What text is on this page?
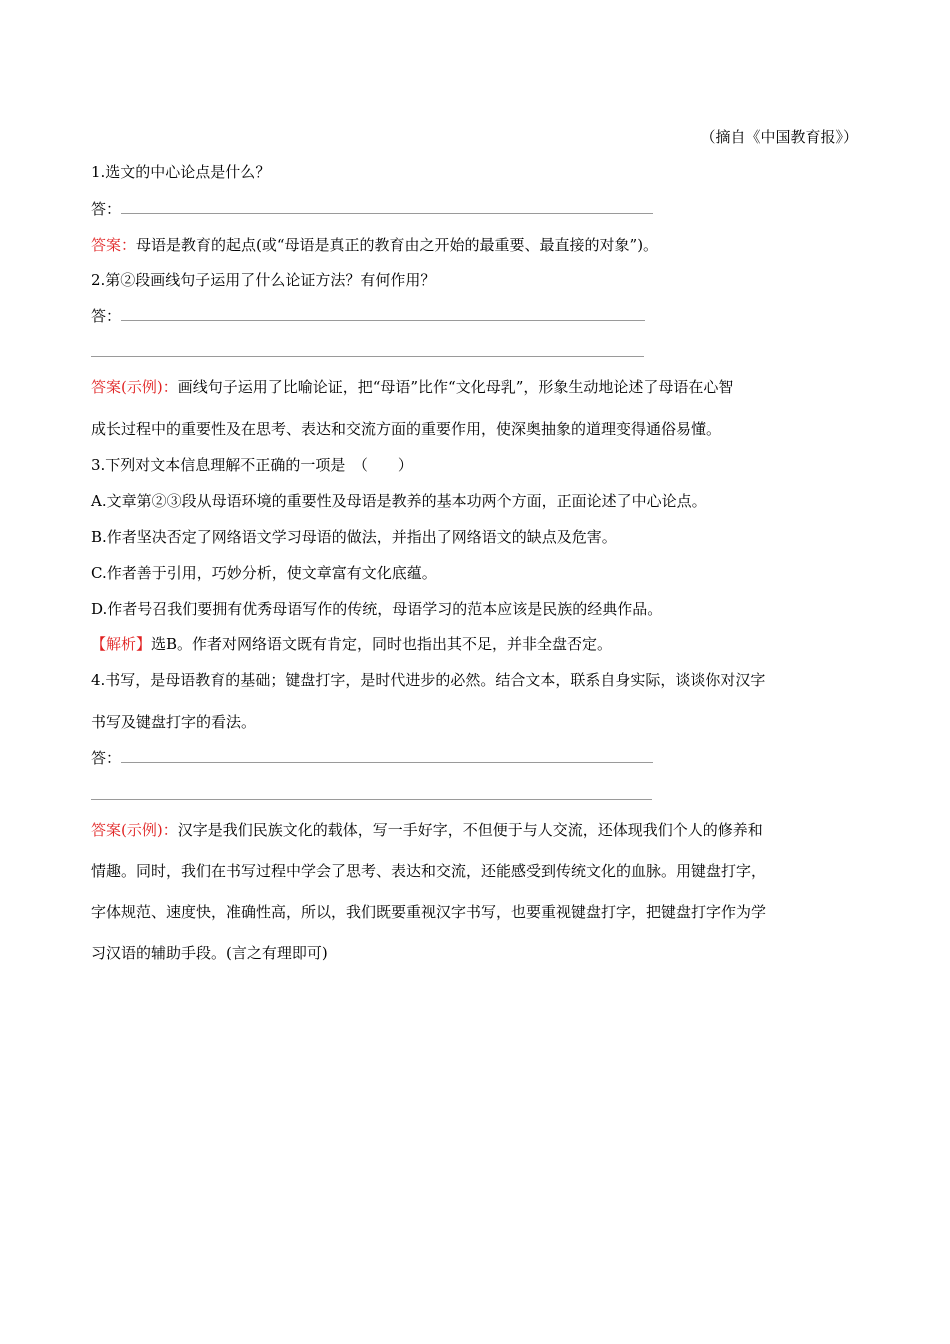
（摘自《中国教育报》）
1.选文的中心论点是什么？
答：
答案：母语是教育的起点(或“母语是真正的教育由之开始的最重要、最直接的对象”)。
2.第②段画线句子运用了什么论证方法？有何作用？
答：
答案(示例)：画线句子运用了比喻论证，把“母语”比作“文化母乳”，形象生动地论述了母语在心智
成长过程中的重要性及在思考、表达和交流方面的重要作用，使深奥抽象的道理变得通俗易懂。
3.下列对文本信息理解不正确的一项是　（　　）
A.文章第②③段从母语环境的重要性及母语是教养的基本功两个方面，正面论述了中心论点。
B.作者坚决否定了网络语文学习母语的做法，并指出了网络语文的缺点及危害。
C.作者善于引用，巧妙分析，使文章富有文化底蕴。
D.作者号召我们要拥有优秀母语写作的传统，母语学习的范本应该是民族的经典作品。
【解析】选B。作者对网络语文既有肯定，同时也指出其不足，并非全盘否定。
4.书写，是母语教育的基础；键盘打字，是时代进步的必然。结合文本，联系自身实际，谈谈你对汉字
书写及键盘打字的看法。
答：
答案(示例)：汉字是我们民族文化的载体，写一手好字，不但便于与人交流，还体现我们个人的修养和
情趣。同时，我们在书写过程中学会了思考、表达和交流，还能感受到传统文化的血脉。用键盘打字，
字体规范、速度快，准确性高，所以，我们既要重视汉字书写，也要重视键盘打字，把键盘打字作为学
习汉语的辅助手段。(言之有理即可)
